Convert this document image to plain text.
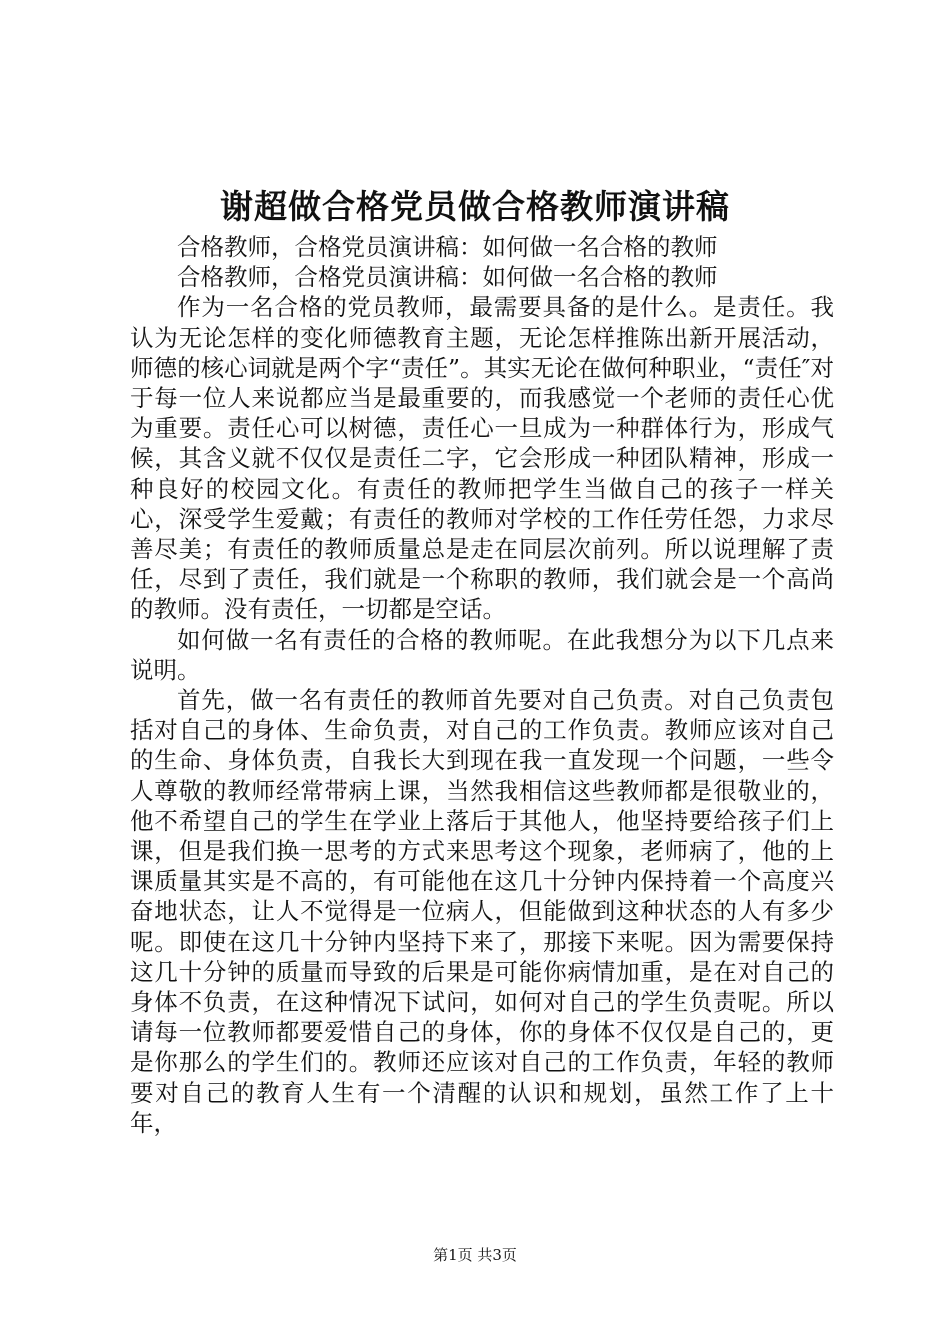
谢超做合格党员做合格教师演讲稿

合格教师，合格党员演讲稿：如何做一名合格的教师

合格教师，合格党员演讲稿：如何做一名合格的教师

作为一名合格的党员教师，最需要具备的是什么。是责任。我认为无论怎样的变化师德教育主题，无论怎样推陈出新开展活动，师德的核心词就是两个字“责任”。其实无论在做何种职业，“责任″对于每一位人来说都应当是最重要的，而我感觉一个老师的责任心优为重要。责任心可以树德，责任心一旦成为一种群体行为，形成气候，其含义就不仅仅是责任二字，它会形成一种团队精神，形成一种良好的校园文化。有责任的教师把学生当做自己的孩子一样关心，深受学生爱戴；有责任的教师对学校的工作任劳任怨，力求尽善尽美；有责任的教师质量总是走在同层次前列。所以说理解了责任，尽到了责任，我们就是一个称职的教师，我们就会是一个高尚的教师。没有责任，一切都是空话。

如何做一名有责任的合格的教师呢。在此我想分为以下几点来说明。

首先，做一名有责任的教师首先要对自己负责。对自己负责包括对自己的身体、生命负责，对自己的工作负责。教师应该对自己的生命、身体负责，自我长大到现在我一直发现一个问题，一些令人尊敬的教师经常带病上课，当然我相信这些教师都是很敬业的，他不希望自己的学生在学业上落后于其他人，他坚持要给孩子们上课，但是我们换一思考的方式来思考这个现象，老师病了，他的上课质量其实是不高的，有可能他在这几十分钟内保持着一个高度兴奋地状态，让人不觉得是一位病人，但能做到这种状态的人有多少呢。即使在这几十分钟内坚持下来了，那接下来呢。因为需要保持这几十分钟的质量而导致的后果是可能你病情加重，是在对自己的身体不负责，在这种情况下试问，如何对自己的学生负责呢。所以请每一位教师都要爱惜自己的身体，你的身体不仅仅是自己的，更是你那么的学生们的。教师还应该对自己的工作负责，年轻的教师要对自己的教育人生有一个清醒的认识和规划，虽然工作了上十年，

第1页 共3页
